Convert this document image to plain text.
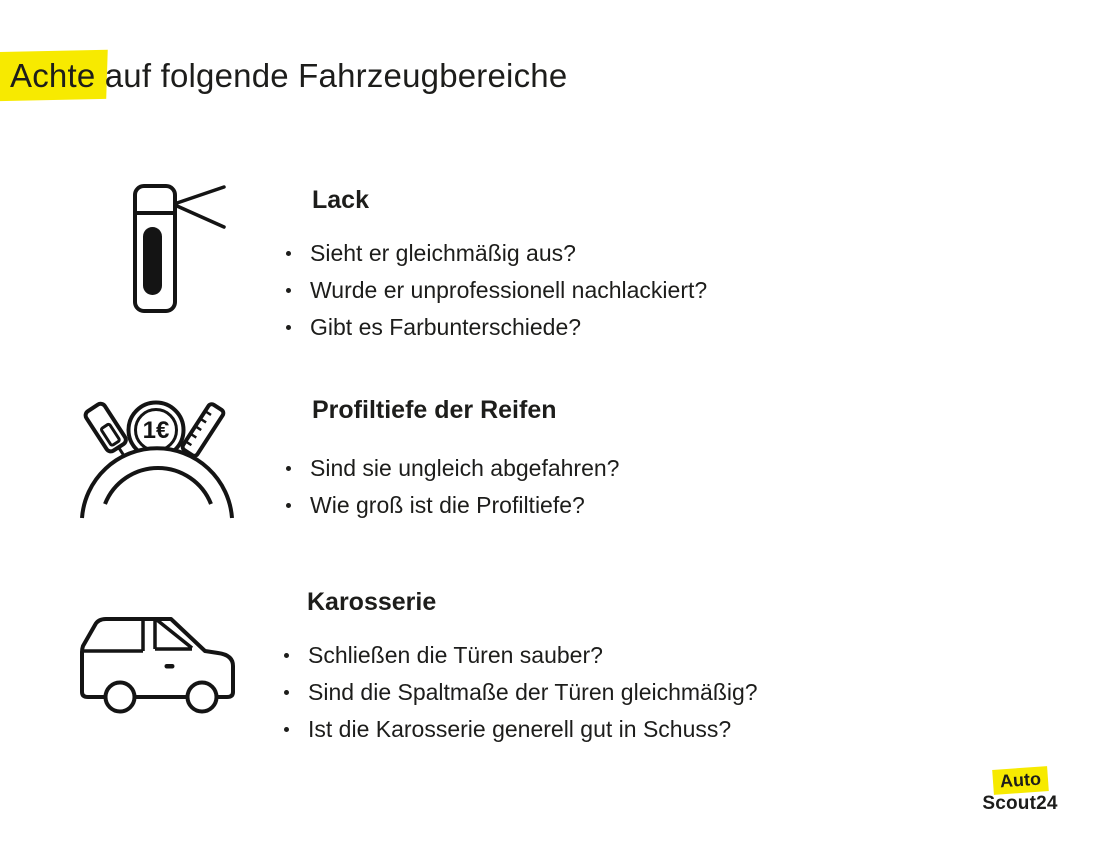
Achte auf folgende Fahrzeugbereiche
Lack
Sieht er gleichmäßig aus?
Wurde er unprofessionell nachlackiert?
Gibt es Farbunterschiede?
1€
Profiltiefe der Reifen
Sind sie ungleich abgefahren?
Wie groß ist die Profiltiefe?
Karosserie
Schließen die Türen sauber?
Sind die Spaltmaße der Türen gleichmäßig?
Ist die Karosserie generell gut in Schuss?
Auto
Scout24
